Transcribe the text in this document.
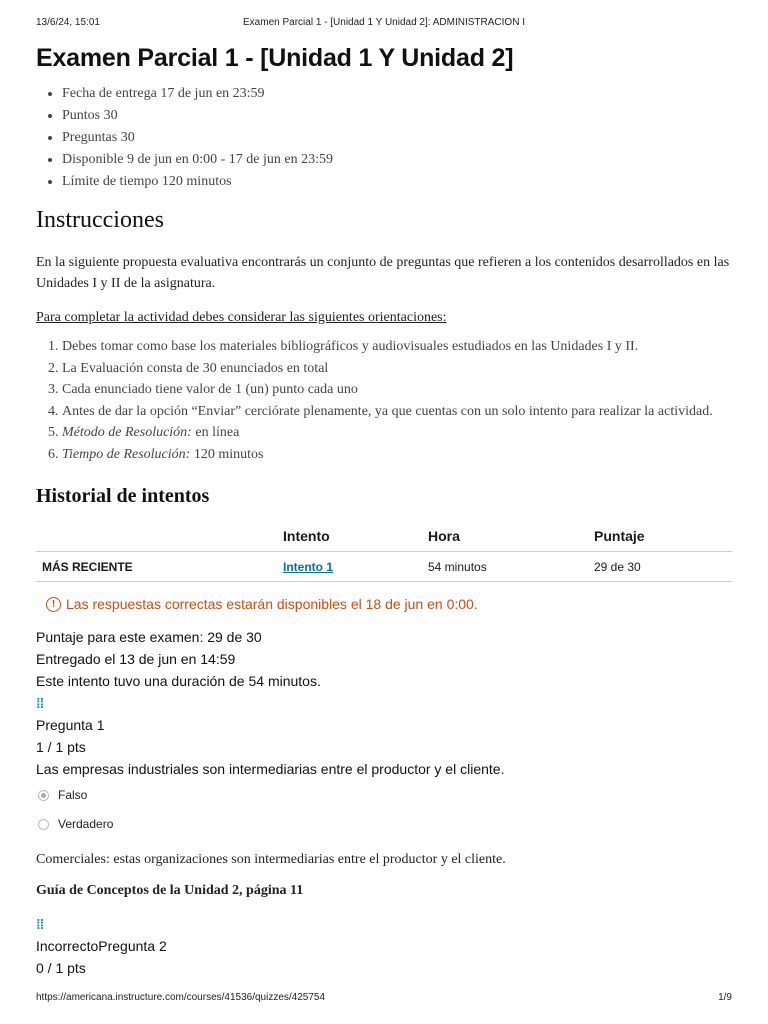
13/6/24, 15:01	Examen Parcial 1 - [Unidad 1 Y Unidad 2]: ADMINISTRACION I
Examen Parcial 1 - [Unidad 1 Y Unidad 2]
• Fecha de entrega 17 de jun en 23:59
• Puntos 30
• Preguntas 30
• Disponible 9 de jun en 0:00 - 17 de jun en 23:59
• Límite de tiempo 120 minutos
Instrucciones

En la siguiente propuesta evaluativa encontrarás un conjunto de preguntas que refieren a los contenidos desarrollados en las Unidades I y II de la asignatura.

Para completar la actividad debes considerar las siguientes orientaciones:

1. Debes tomar como base los materiales bibliográficos y audiovisuales estudiados en las Unidades I y II.
2. La Evaluación consta de 30 enunciados en total
3. Cada enunciado tiene valor de 1 (un) punto cada uno
4. Antes de dar la opción “Enviar” cerciórate plenamente, ya que cuentas con un solo intento para realizar la actividad.
5. Método de Resolución: en línea
6. Tiempo de Resolución: 120 minutos
Historial de intentos
	Intento	Hora	Puntaje
MÁS RECIENTE	Intento 1	54 minutos	29 de 30
! Las respuestas correctas estarán disponibles el 18 de jun en 0:00.
Puntaje para este examen: 29 de 30
Entregado el 13 de jun en 14:59
Este intento tuvo una duración de 54 minutos.
⁞⁞
Pregunta 1
1 / 1 pts
Las empresas industriales son intermediarias entre el productor y el cliente.
Falso
Verdadero

Comerciales: estas organizaciones son intermediarias entre el productor y el cliente.

Guía de Conceptos de la Unidad 2, página 11

⁞⁞
IncorrectoPregunta 2
0 / 1 pts
https://americana.instructure.com/courses/41536/quizzes/425754	1/9
